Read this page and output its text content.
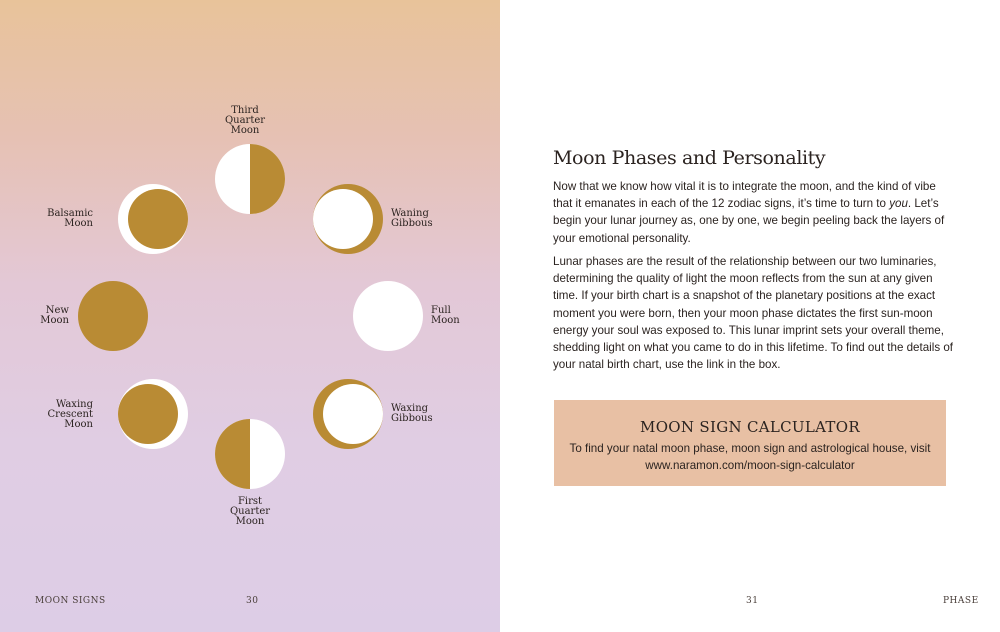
Third
Quarter
Moon
Waning
Gibbous
Full
Moon
Waxing
Gibbous
First
Quarter
Moon
Waxing
Crescent
Moon
New
Moon
Balsamic
Moon
MOON SIGNS	30
Moon Phases and Personality

Now that we know how vital it is to integrate the moon, and the kind of vibe that it emanates in each of the 12 zodiac signs, it’s time to turn to you. Let’s begin your lunar journey as, one by one, we begin peeling back the layers of your emotional personality.

Lunar phases are the result of the relationship between our two luminaries, determining the quality of light the moon reflects from the sun at any given time. If your birth chart is a snapshot of the planetary positions at the exact moment you were born, then your moon phase dictates the first sun-moon energy your soul was exposed to. This lunar imprint sets your overall theme, shedding light on what you came to do in this lifetime. To find out the details of your natal birth chart, use the link in the box.

MOON SIGN CALCULATOR

To find your natal moon phase, moon sign and astrological house, visit
www.naramon.com/moon-sign-calculator

31	PHASE
